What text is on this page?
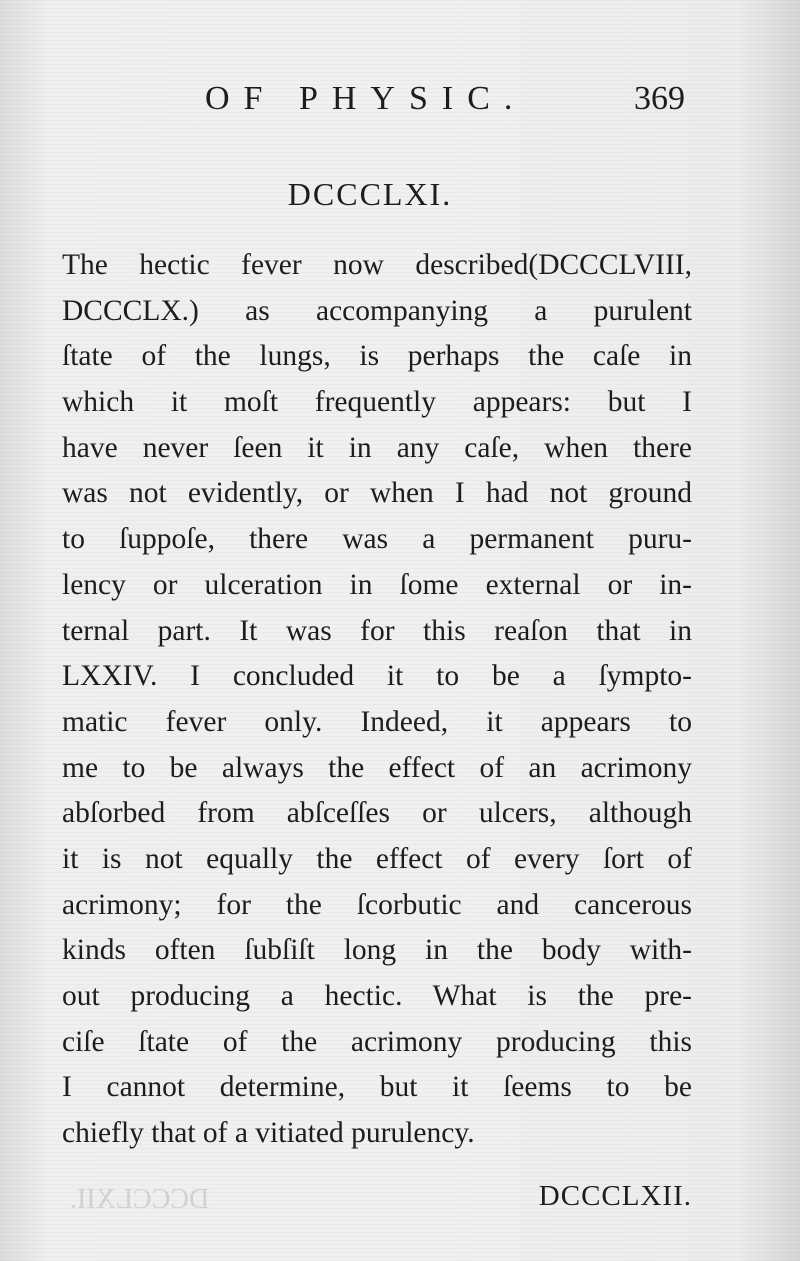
OF PHYSIC.	369
DCCCLXI.
The hectic fever now described(DCCCLVIII,
DCCCLX.) as accompanying a purulent
ſtate of the lungs, is perhaps the caſe in
which it moſt frequently appears: but I
have never ſeen it in any caſe, when there
was not evidently, or when I had not ground
to ſuppoſe, there was a permanent puru-
lency or ulceration in ſome external or in-
ternal part. It was for this reaſon that in
LXXIV. I concluded it to be a ſympto-
matic fever only. Indeed, it appears to
me to be always the effect of an acrimony
abſorbed from abſceſſes or ulcers, although
it is not equally the effect of every ſort of
acrimony; for the ſcorbutic and cancerous
kinds often ſubſiſt long in the body with-
out producing a hectic. What is the pre-
ciſe ſtate of the acrimony producing this
I cannot determine, but it ſeems to be
chiefly that of a vitiated purulency.
DCCCLXII.	DCCCLXII.
